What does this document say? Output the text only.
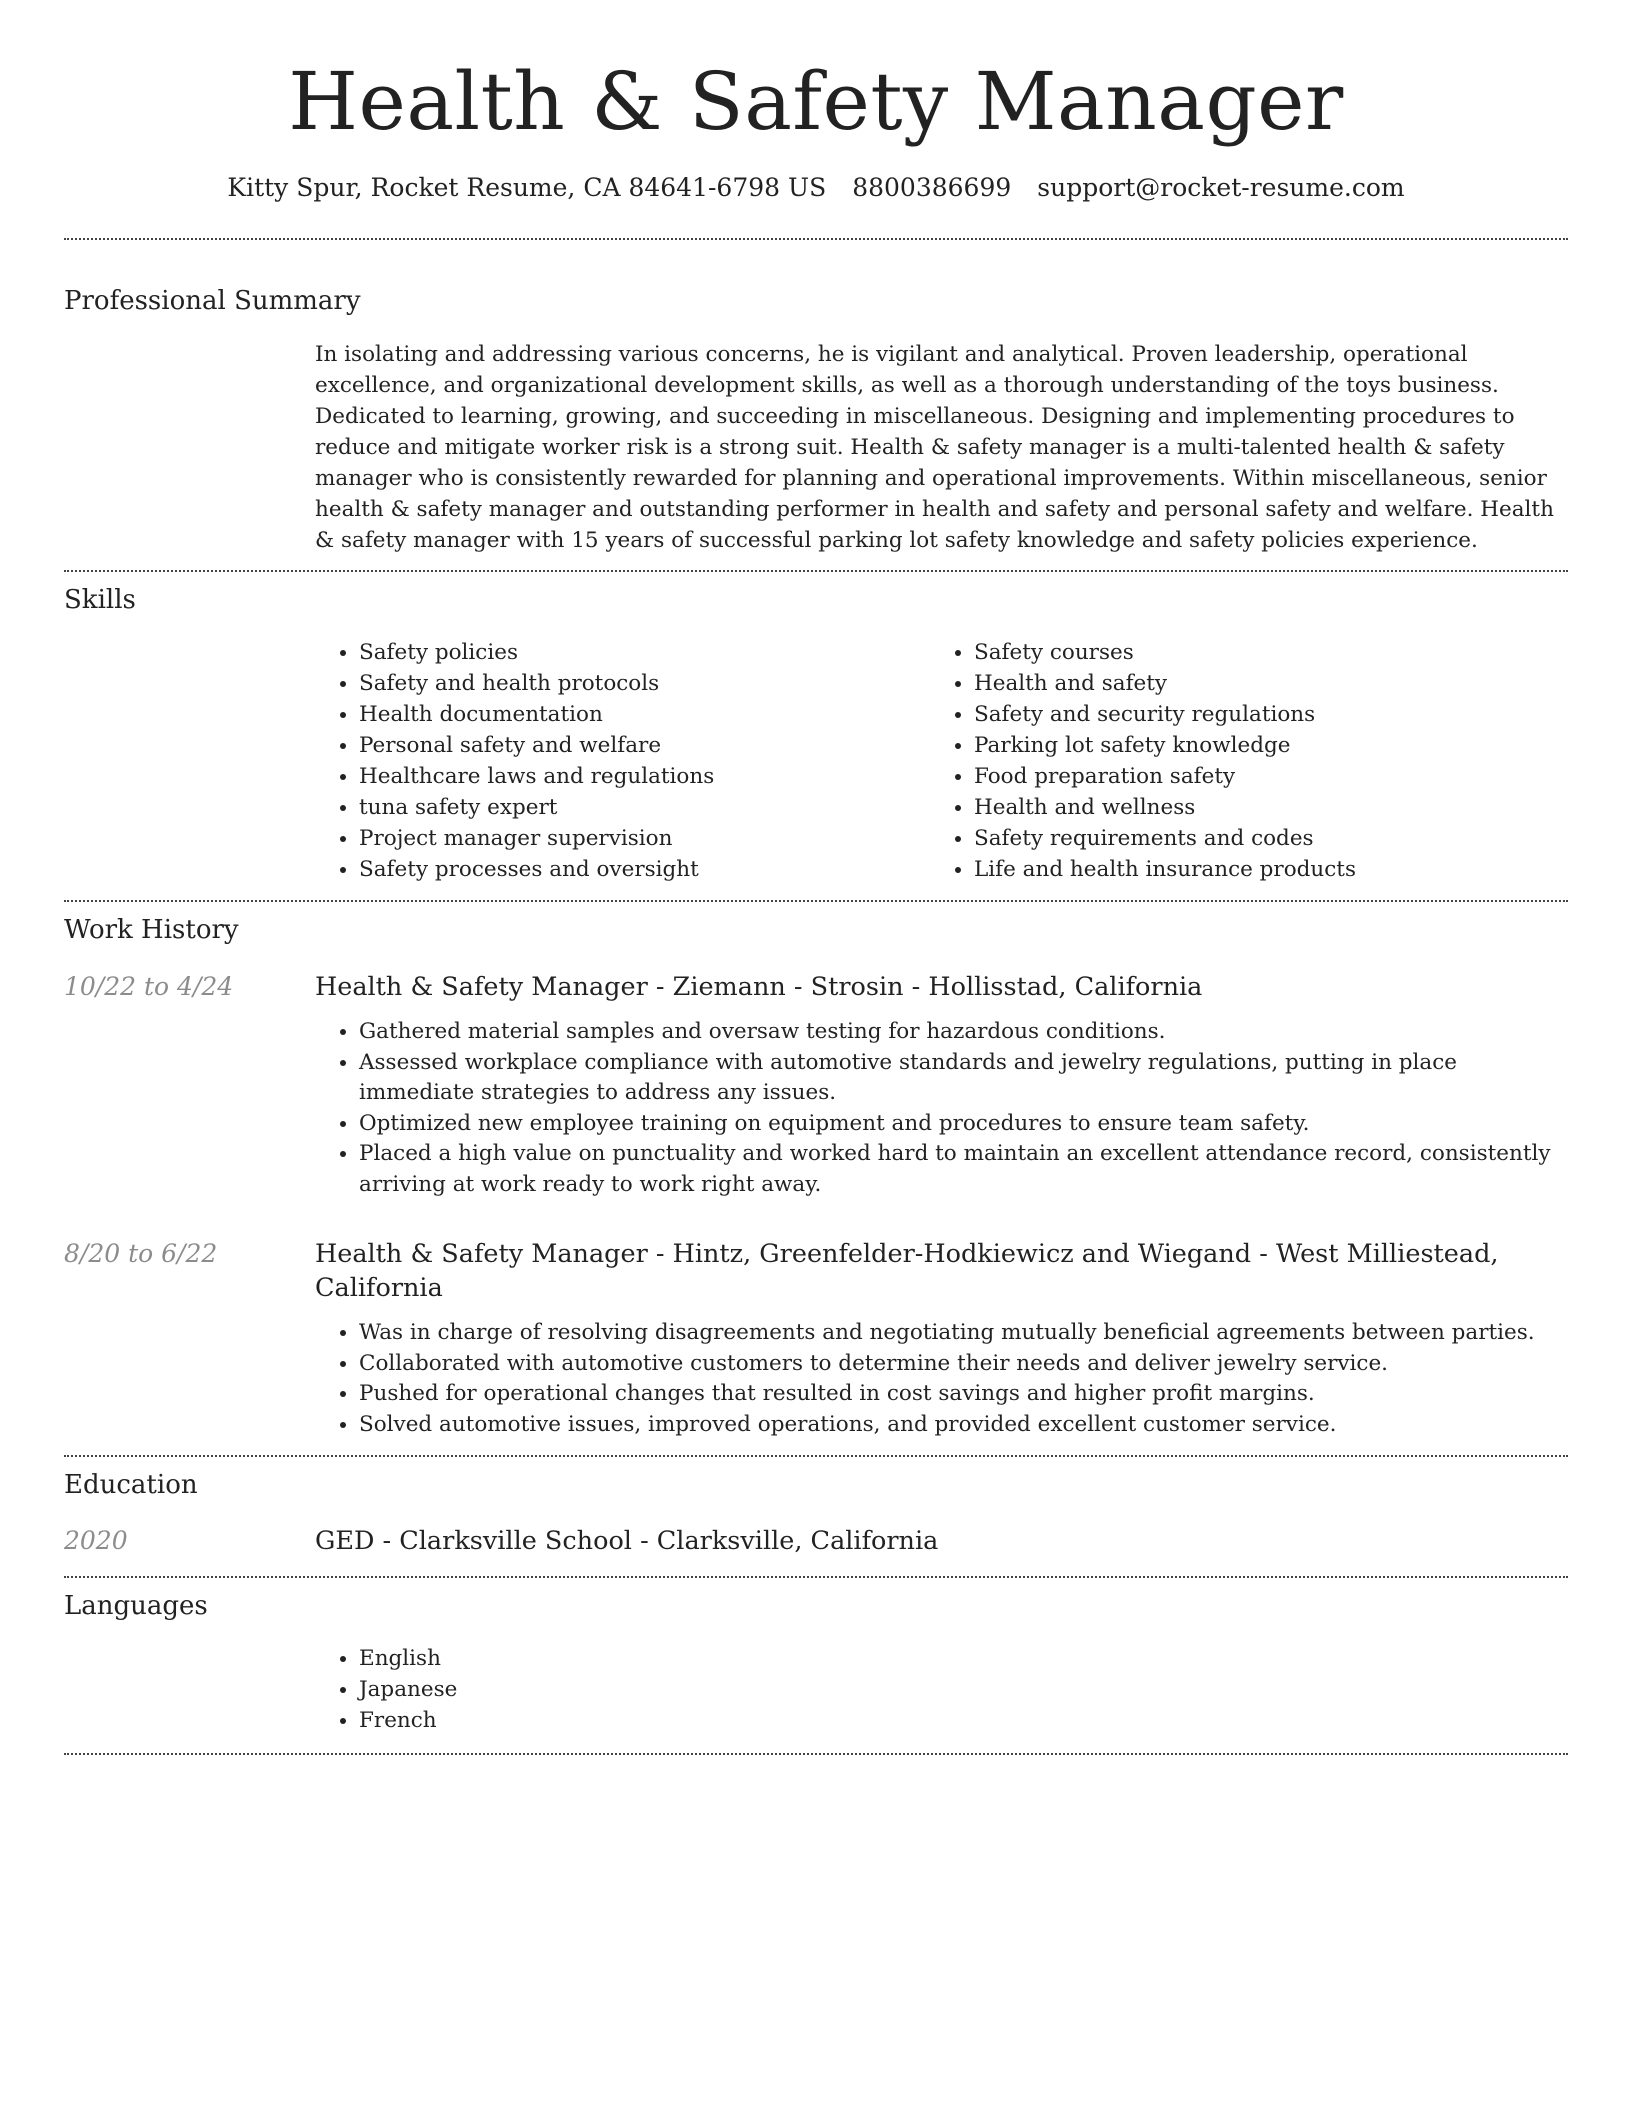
Health & Safety Manager
Kitty Spur, Rocket Resume, CA 84641-6798 US 8800386699 support@rocket-resume.com
Professional Summary

In isolating and addressing various concerns, he is vigilant and analytical. Proven leadership, operational excellence, and organizational development skills, as well as a thorough understanding of the toys business. Dedicated to learning, growing, and succeeding in miscellaneous. Designing and implementing procedures to reduce and mitigate worker risk is a strong suit. Health & safety manager is a multi-talented health & safety manager who is consistently rewarded for planning and operational improvements. Within miscellaneous, senior health & safety manager and outstanding performer in health and safety and personal safety and welfare. Health & safety manager with 15 years of successful parking lot safety knowledge and safety policies experience.

Skills
• Safety policies
• Safety and health protocols
• Health documentation
• Personal safety and welfare
• Healthcare laws and regulations
• tuna safety expert
• Project manager supervision
• Safety processes and oversight
• Safety courses
• Health and safety
• Safety and security regulations
• Parking lot safety knowledge
• Food preparation safety
• Health and wellness
• Safety requirements and codes
• Life and health insurance products
Work History
10/22 to 4/24	Health & Safety Manager - Ziemann - Strosin - Hollisstad, California
• Gathered material samples and oversaw testing for hazardous conditions.
• Assessed workplace compliance with automotive standards and jewelry regulations, putting in place immediate strategies to address any issues.
• Optimized new employee training on equipment and procedures to ensure team safety.
• Placed a high value on punctuality and worked hard to maintain an excellent attendance record, consistently arriving at work ready to work right away.
8/20 to 6/22	Health & Safety Manager - Hintz, Greenfelder-Hodkiewicz and Wiegand - West Milliestead, California
• Was in charge of resolving disagreements and negotiating mutually beneficial agreements between parties.
• Collaborated with automotive customers to determine their needs and deliver jewelry service.
• Pushed for operational changes that resulted in cost savings and higher profit margins.
• Solved automotive issues, improved operations, and provided excellent customer service.
Education
2020	GED - Clarksville School - Clarksville, California
Languages
• English
• Japanese
• French
